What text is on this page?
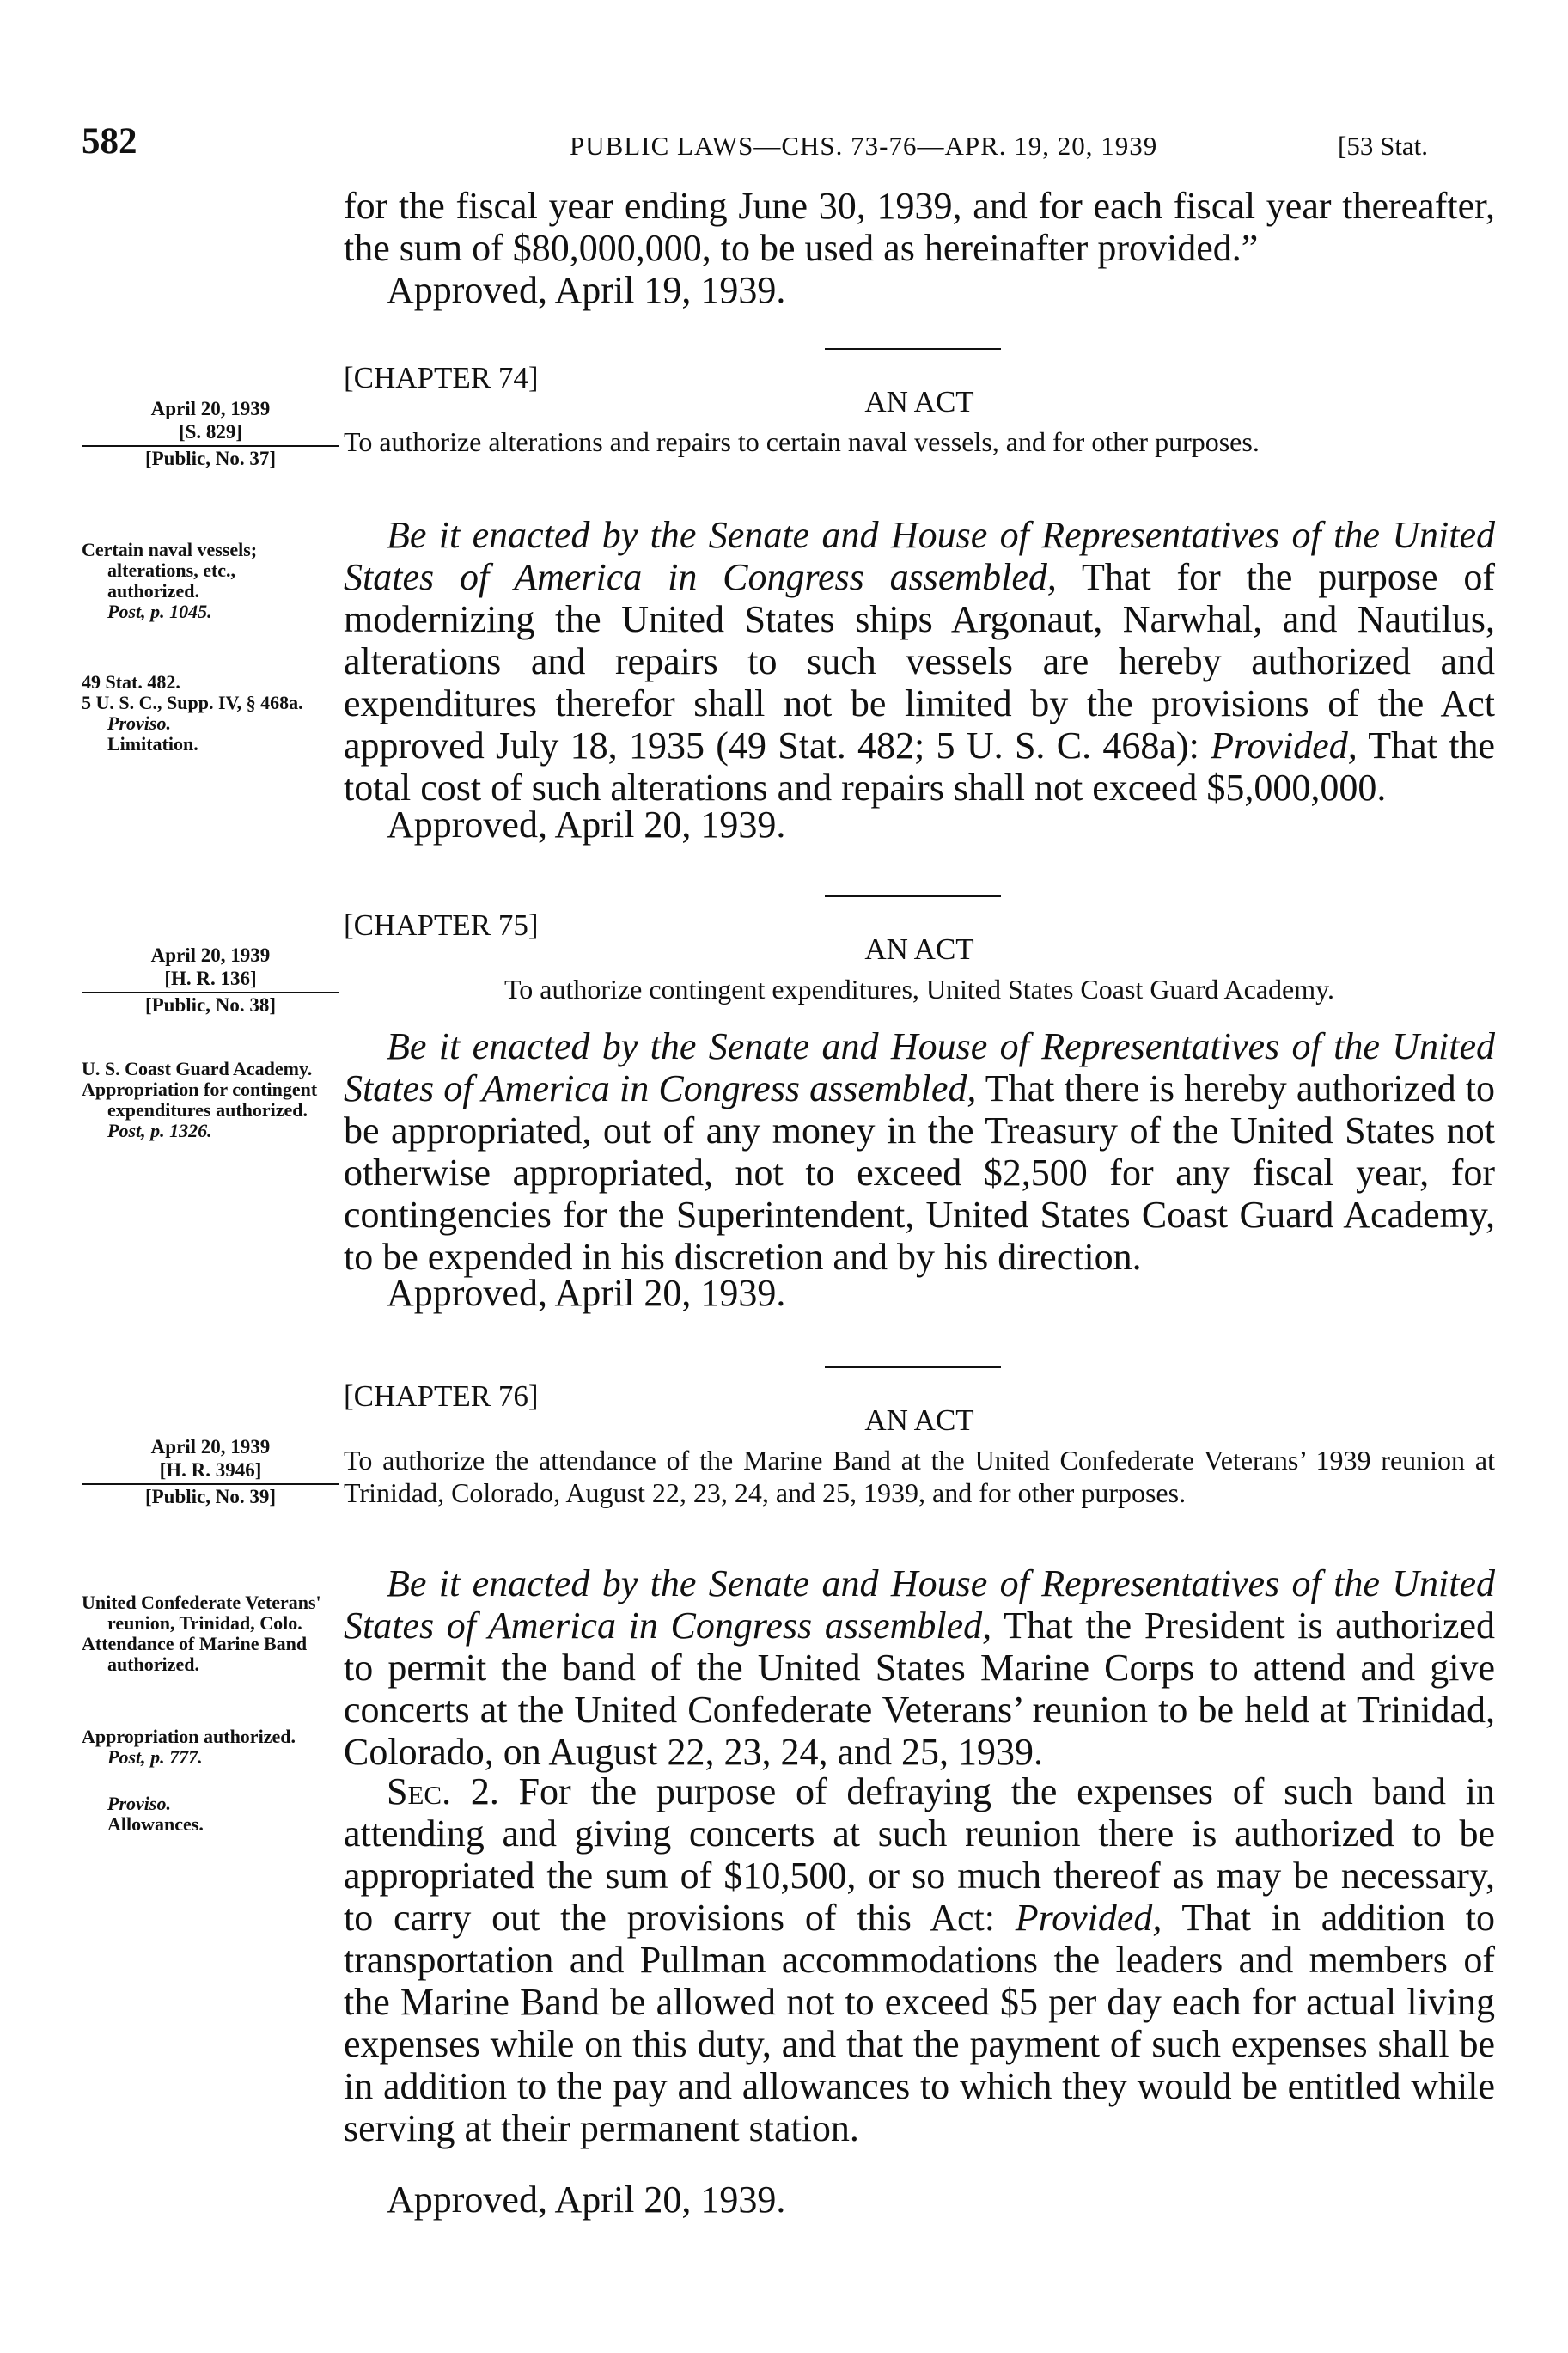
582	PUBLIC LAWS—CHS. 73-76—APR. 19, 20, 1939	[53 Stat.
for the fiscal year ending June 30, 1939, and for each fiscal year thereafter, the sum of $80,000,000, to be used as hereinafter provided.”
Approved, April 19, 1939.
[CHAPTER 74]
AN ACT
To authorize alterations and repairs to certain naval vessels, and for other purposes.
April 20, 1939
[S. 829]
[Public, No. 37]
Be it enacted by the Senate and House of Representatives of the United States of America in Congress assembled, That for the purpose of modernizing the United States ships Argonaut, Narwhal, and Nautilus, alterations and repairs to such vessels are hereby authorized and expenditures therefor shall not be limited by the provisions of the Act approved July 18, 1935 (49 Stat. 482; 5 U. S. C. 468a): Provided, That the total cost of such alterations and repairs shall not exceed $5,000,000.
Approved, April 20, 1939.
Certain naval vessels; alterations, etc., authorized.
Post, p. 1045.
49 Stat. 482.
5 U. S. C., Supp. IV, § 468a.
Proviso.
Limitation.
[CHAPTER 75]
AN ACT
To authorize contingent expenditures, United States Coast Guard Academy.
April 20, 1939
[H. R. 136]
[Public, No. 38]
Be it enacted by the Senate and House of Representatives of the United States of America in Congress assembled, That there is hereby authorized to be appropriated, out of any money in the Treasury of the United States not otherwise appropriated, not to exceed $2,500 for any fiscal year, for contingencies for the Superintendent, United States Coast Guard Academy, to be expended in his discretion and by his direction.
Approved, April 20, 1939.
U. S. Coast Guard Academy.
Appropriation for contingent expenditures authorized.
Post, p. 1326.
[CHAPTER 76]
AN ACT
To authorize the attendance of the Marine Band at the United Confederate Veterans’ 1939 reunion at Trinidad, Colorado, August 22, 23, 24, and 25, 1939, and for other purposes.
April 20, 1939
[H. R. 3946]
[Public, No. 39]
Be it enacted by the Senate and House of Representatives of the United States of America in Congress assembled, That the President is authorized to permit the band of the United States Marine Corps to attend and give concerts at the United Confederate Veterans’ reunion to be held at Trinidad, Colorado, on August 22, 23, 24, and 25, 1939.
Sec. 2. For the purpose of defraying the expenses of such band in attending and giving concerts at such reunion there is authorized to be appropriated the sum of $10,500, or so much thereof as may be necessary, to carry out the provisions of this Act: Provided, That in addition to transportation and Pullman accommodations the leaders and members of the Marine Band be allowed not to exceed $5 per day each for actual living expenses while on this duty, and that the payment of such expenses shall be in addition to the pay and allowances to which they would be entitled while serving at their permanent station.
Approved, April 20, 1939.
United Confederate Veterans' reunion, Trinidad, Colo.
Attendance of Marine Band authorized.
Appropriation authorized.
Post, p. 777.
Proviso.
Allowances.
